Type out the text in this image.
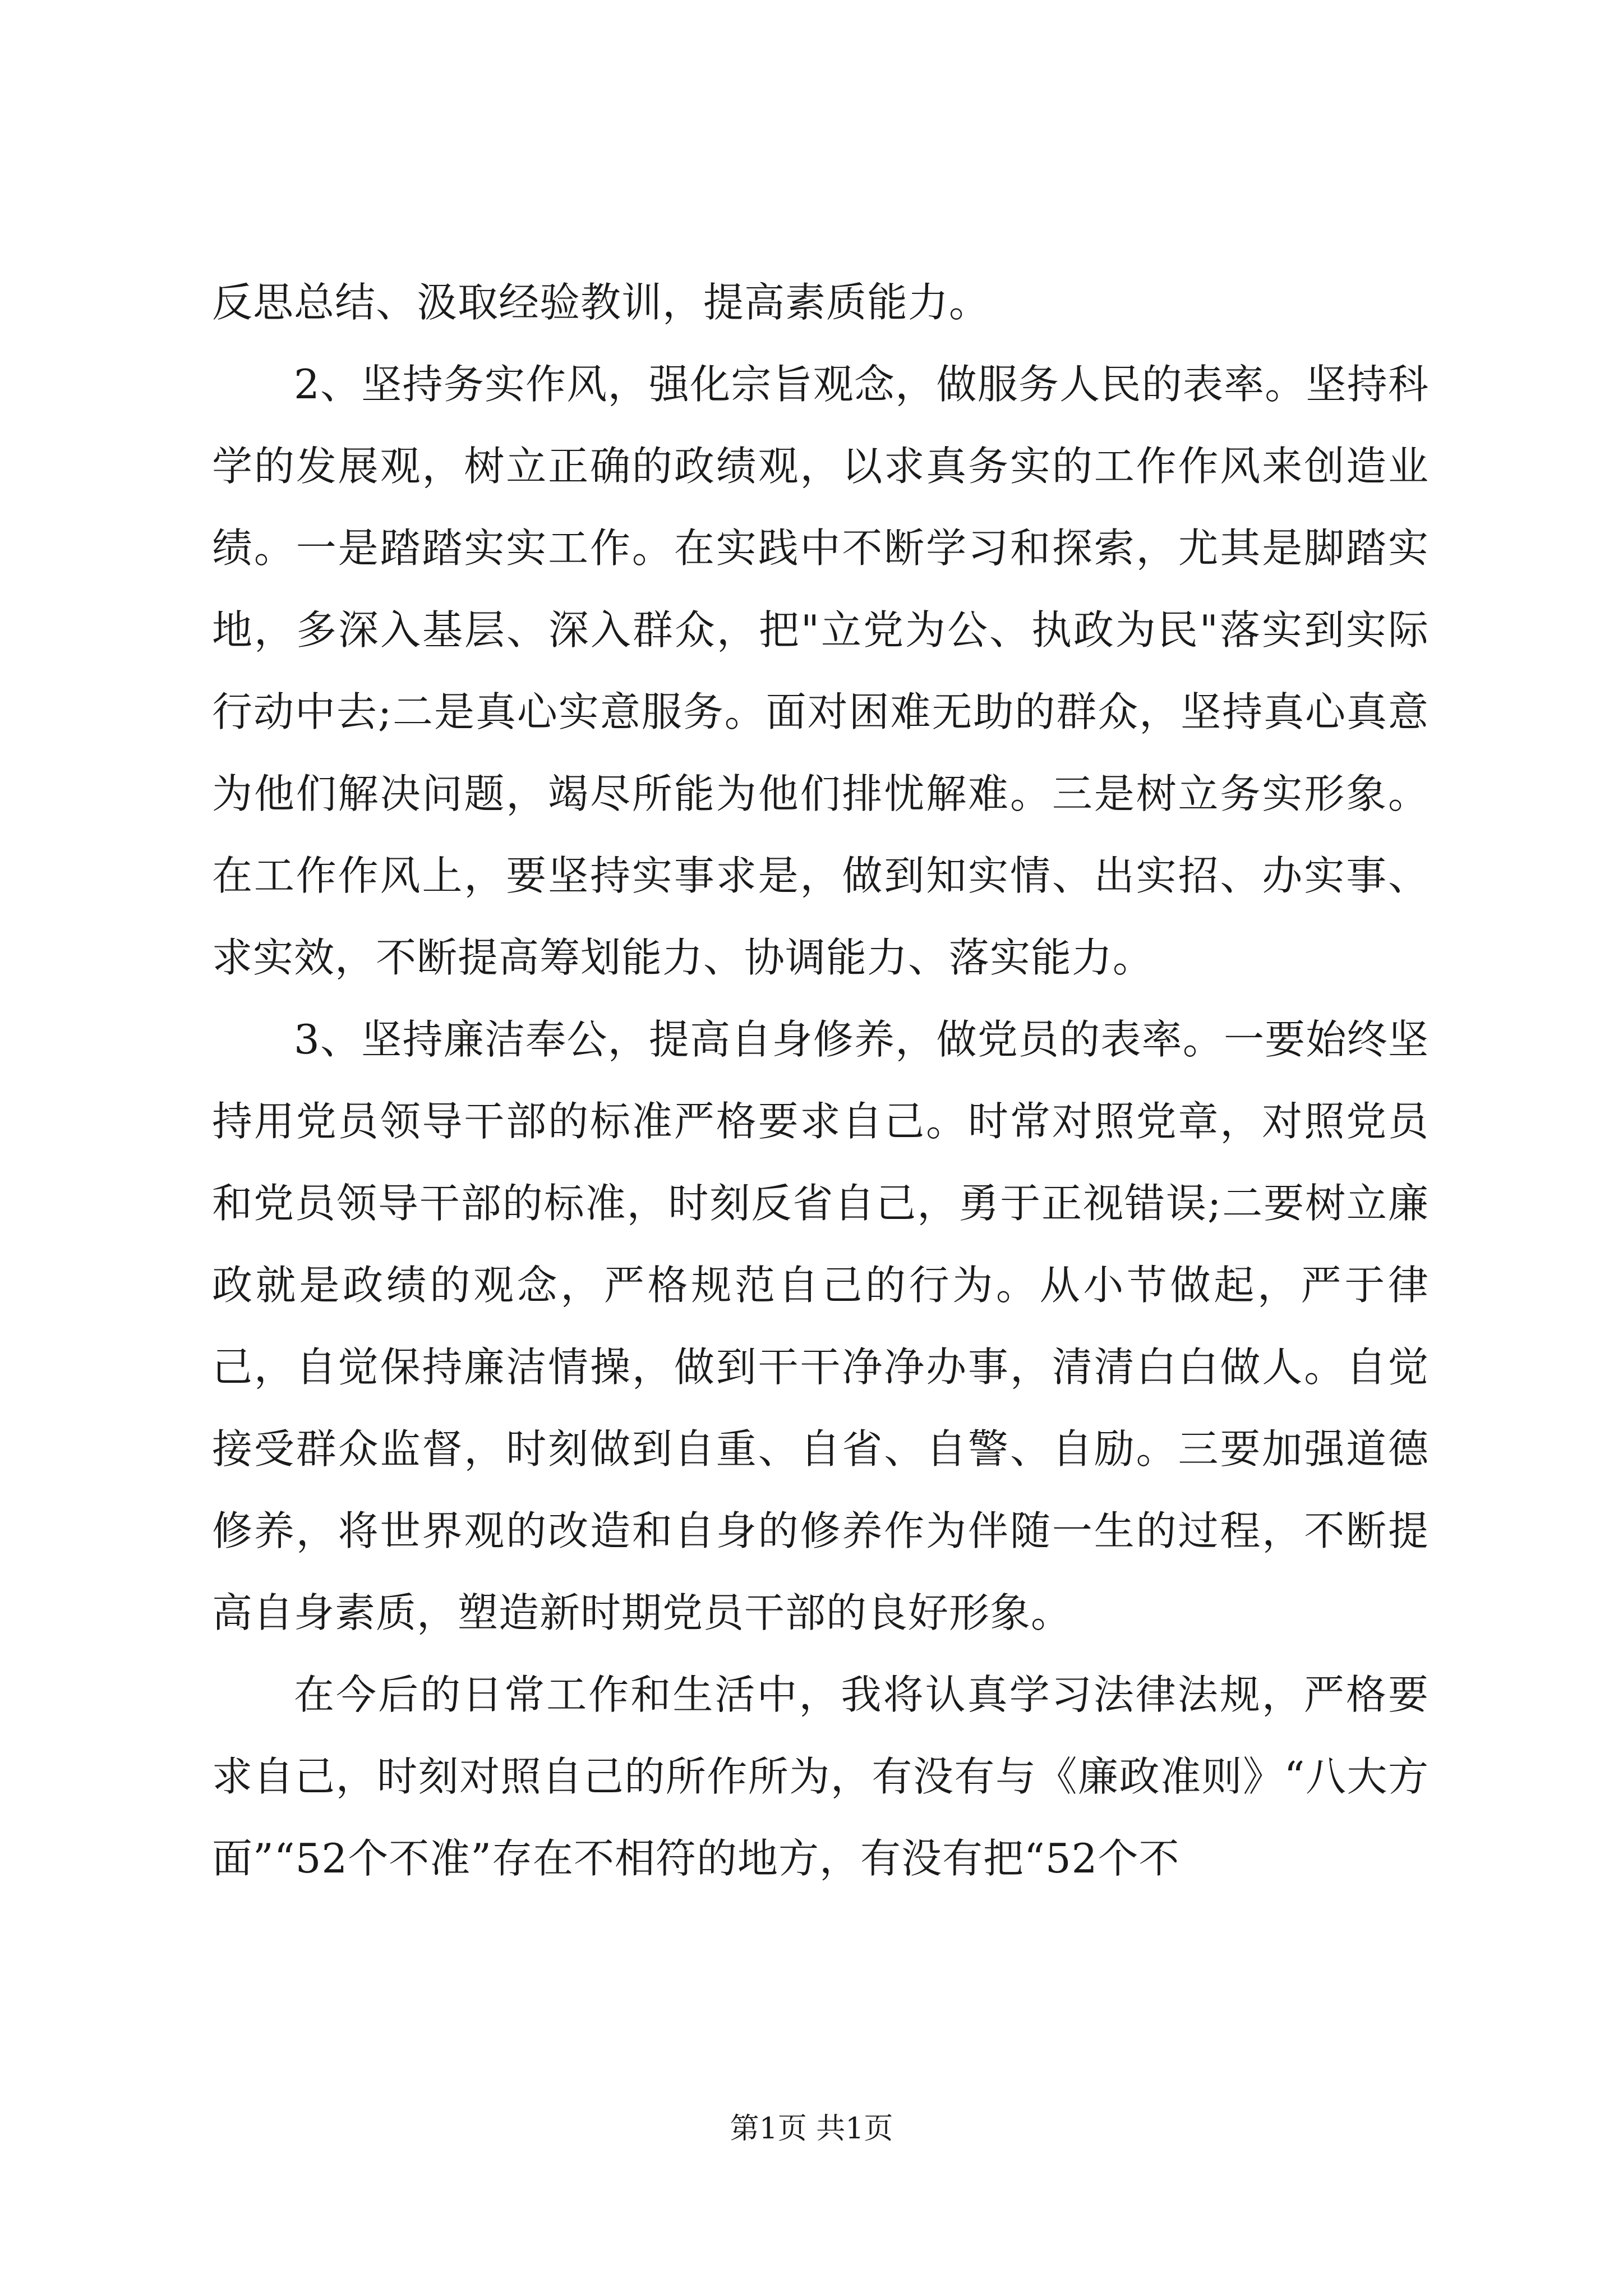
反思总结、汲取经验教训，提高素质能力。

2、坚持务实作风，强化宗旨观念，做服务人民的表率。坚持科学的发展观，树立正确的政绩观，以求真务实的工作作风来创造业绩。一是踏踏实实工作。在实践中不断学习和探索，尤其是脚踏实地，多深入基层、深入群众，把"立党为公、执政为民"落实到实际行动中去;二是真心实意服务。面对困难无助的群众，坚持真心真意为他们解决问题，竭尽所能为他们排忧解难。三是树立务实形象。在工作作风上，要坚持实事求是，做到知实情、出实招、办实事、求实效，不断提高筹划能力、协调能力、落实能力。

3、坚持廉洁奉公，提高自身修养，做党员的表率。一要始终坚持用党员领导干部的标准严格要求自己。时常对照党章，对照党员和党员领导干部的标准，时刻反省自己，勇于正视错误;二要树立廉政就是政绩的观念，严格规范自己的行为。从小节做起，严于律己，自觉保持廉洁情操，做到干干净净办事，清清白白做人。自觉接受群众监督，时刻做到自重、自省、自警、自励。三要加强道德修养，将世界观的改造和自身的修养作为伴随一生的过程，不断提高自身素质，塑造新时期党员干部的良好形象。

在今后的日常工作和生活中，我将认真学习法律法规，严格要求自己，时刻对照自己的所作所为，有没有与《廉政准则》“八大方面”“52个不准”存在不相符的地方，有没有把“52个不

第1页 共1页
